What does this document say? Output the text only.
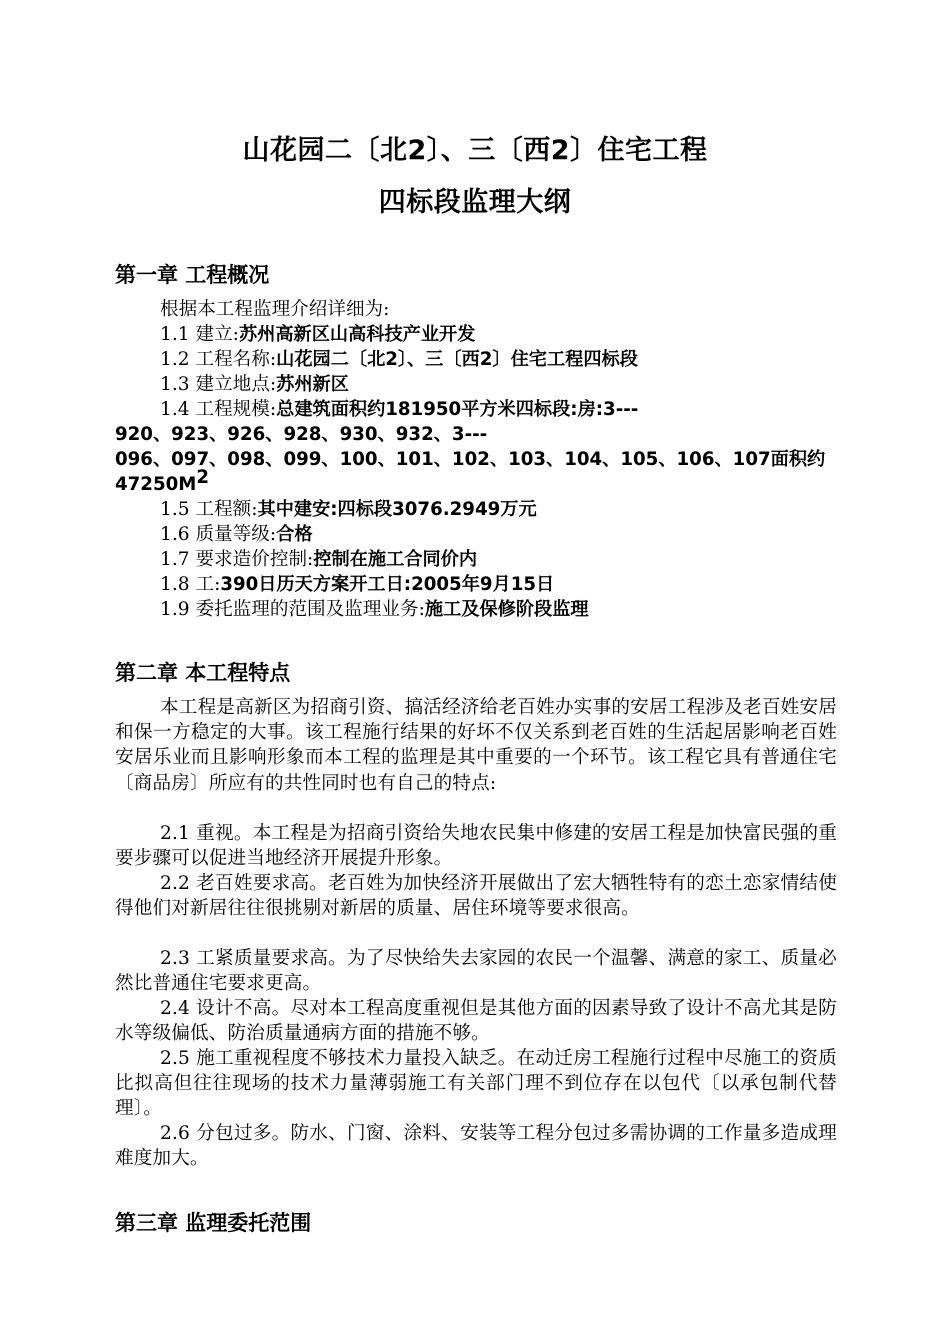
山花园二〔北2〕、三〔西2〕住宅工程
四标段监理大纲
第一章 工程概况
根据本工程监理介绍详细为:
1.1 建立:苏州高新区山高科技产业开发
1.2 工程名称:山花园二〔北2〕、三〔西2〕住宅工程四标段
1.3 建立地点:苏州新区
1.4 工程规模:总建筑面积约181950平方米四标段:房:3---
920、923、926、928、930、932、3---
096、097、098、099、100、101、102、103、104、105、106、107面积约
$47250M^2$
1.5 工程额:其中建安:四标段3076.2949万元
1.6 质量等级:合格
1.7 要求造价控制:控制在施工合同价内
1.8 工:390日历天方案开工日:2005年9月15日
1.9 委托监理的范围及监理业务:施工及保修阶段监理
第二章 本工程特点
本工程是高新区为招商引资、搞活经济给老百姓办实事的安居工程涉及老百姓安居和保一方稳定的大事。该工程施行结果的好坏不仅关系到老百姓的生活起居影响老百姓安居乐业而且影响形象而本工程的监理是其中重要的一个环节。该工程它具有普通住宅〔商品房〕所应有的共性同时也有自己的特点:
2.1 重视。本工程是为招商引资给失地农民集中修建的安居工程是加快富民强的重要步骤可以促进当地经济开展提升形象。
2.2 老百姓要求高。老百姓为加快经济开展做出了宏大牺牲特有的恋土恋家情结使得他们对新居往往很挑剔对新居的质量、居住环境等要求很高。
2.3 工紧质量要求高。为了尽快给失去家园的农民一个温馨、满意的家工、质量必然比普通住宅要求更高。
2.4 设计不高。尽对本工程高度重视但是其他方面的因素导致了设计不高尤其是防水等级偏低、防治质量通病方面的措施不够。
2.5 施工重视程度不够技术力量投入缺乏。在动迁房工程施行过程中尽施工的资质比拟高但往往现场的技术力量薄弱施工有关部门理不到位存在以包代〔以承包制代替理〕。
2.6 分包过多。防水、门窗、涂料、安装等工程分包过多需协调的工作量多造成理难度加大。
第三章 监理委托范围
